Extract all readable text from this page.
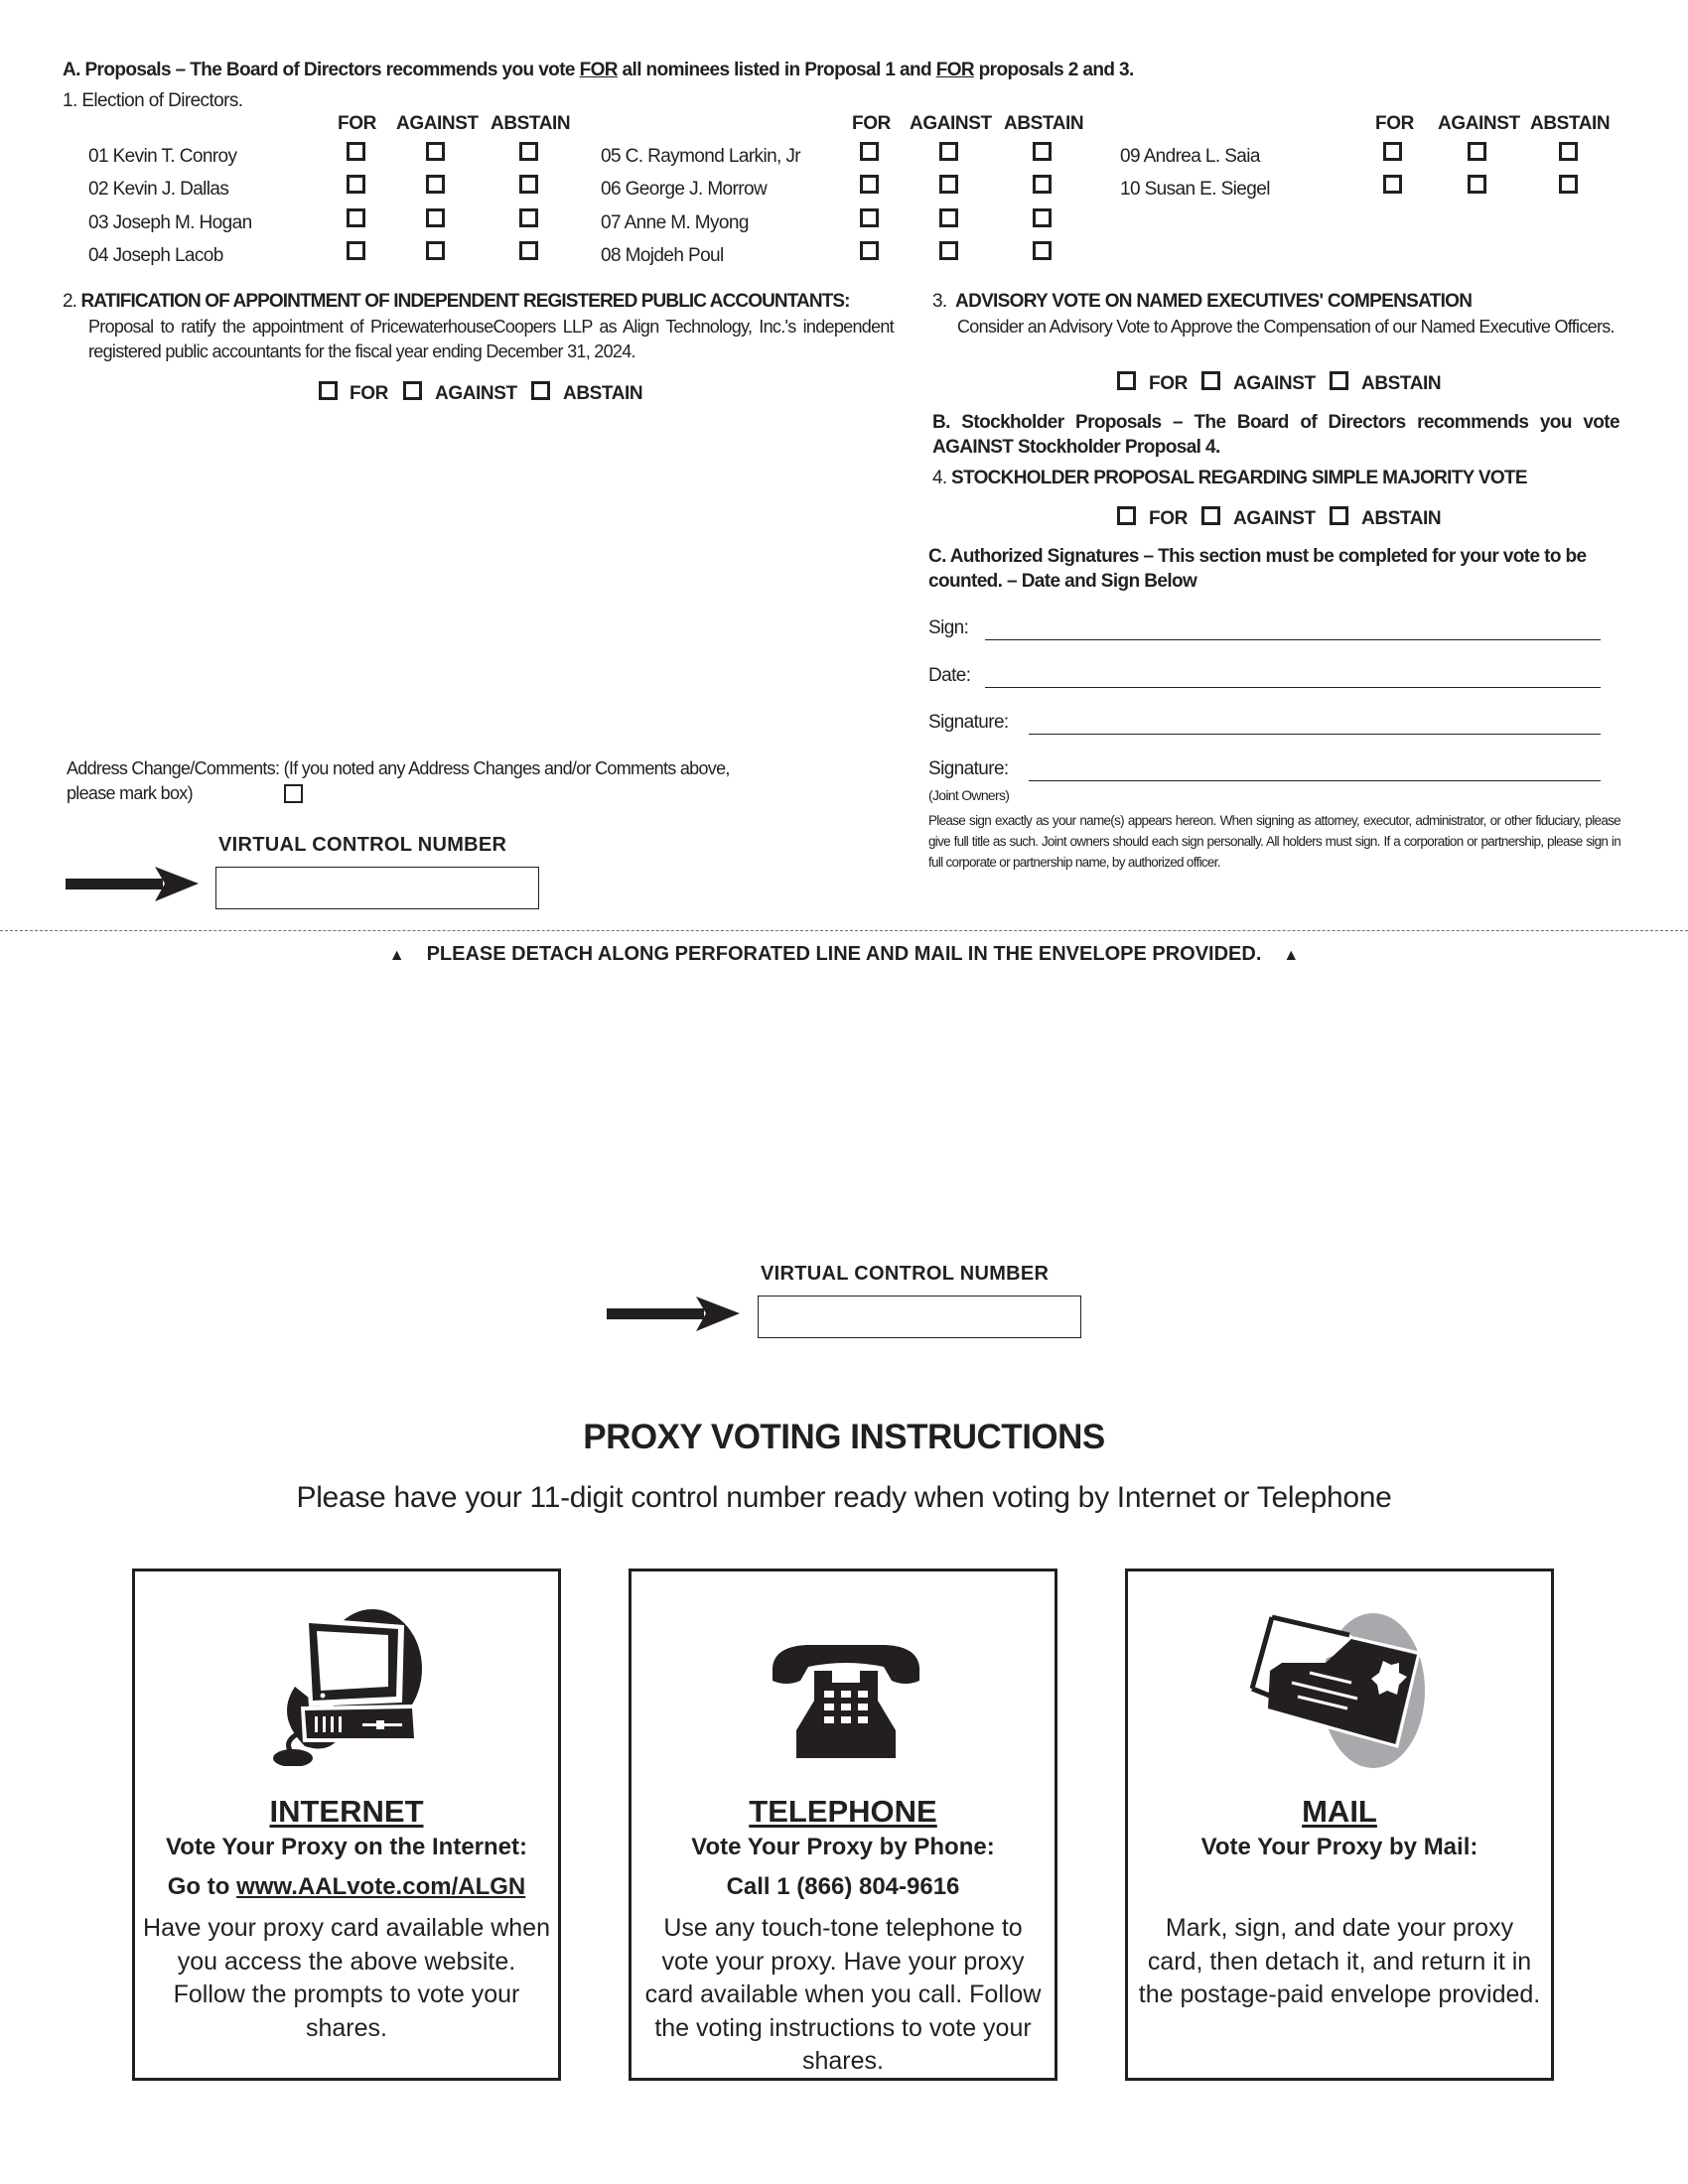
A. Proposals – The Board of Directors recommends you vote FOR all nominees listed in Proposal 1 and FOR proposals 2 and 3.
1. Election of Directors.
FOR AGAINST ABSTAIN	FOR AGAINST ABSTAIN	FOR AGAINST ABSTAIN
01 Kevin T. Conroy
02 Kevin J. Dallas
03 Joseph M. Hogan
04 Joseph Lacob
05 C. Raymond Larkin, Jr
06 George J. Morrow
07 Anne M. Myong
08 Mojdeh Poul
09 Andrea L. Saia
10 Susan E. Siegel
2. RATIFICATION OF APPOINTMENT OF INDEPENDENT REGISTERED PUBLIC ACCOUNTANTS:
Proposal to ratify the appointment of PricewaterhouseCoopers LLP as Align Technology, Inc.'s independent registered public accountants for the fiscal year ending December 31, 2024.
FOR AGAINST ABSTAIN
3. ADVISORY VOTE ON NAMED EXECUTIVES' COMPENSATION
Consider an Advisory Vote to Approve the Compensation of our Named Executive Officers.
FOR AGAINST ABSTAIN
B. Stockholder Proposals – The Board of Directors recommends you vote AGAINST Stockholder Proposal 4.
4. STOCKHOLDER PROPOSAL REGARDING SIMPLE MAJORITY VOTE
FOR AGAINST ABSTAIN
C. Authorized Signatures – This section must be completed for your vote to be counted. – Date and Sign Below
Sign:
Date:
Signature:
Signature:
(Joint Owners)
Please sign exactly as your name(s) appears hereon. When signing as attorney, executor, administrator, or other fiduciary, please give full title as such. Joint owners should each sign personally. All holders must sign. If a corporation or partnership, please sign in full corporate or partnership name, by authorized officer.
Address Change/Comments: (If you noted any Address Changes and/or Comments above, please mark box)
VIRTUAL CONTROL NUMBER
▲ PLEASE DETACH ALONG PERFORATED LINE AND MAIL IN THE ENVELOPE PROVIDED. ▲
VIRTUAL CONTROL NUMBER
PROXY VOTING INSTRUCTIONS
Please have your 11-digit control number ready when voting by Internet or Telephone
INTERNET
Vote Your Proxy on the Internet:
Go to www.AALvote.com/ALGN
Have your proxy card available when you access the above website. Follow the prompts to vote your shares.
TELEPHONE
Vote Your Proxy by Phone:
Call 1 (866) 804-9616
Use any touch-tone telephone to vote your proxy. Have your proxy card available when you call. Follow the voting instructions to vote your shares.
MAIL
Vote Your Proxy by Mail:
Mark, sign, and date your proxy card, then detach it, and return it in the postage-paid envelope provided.
